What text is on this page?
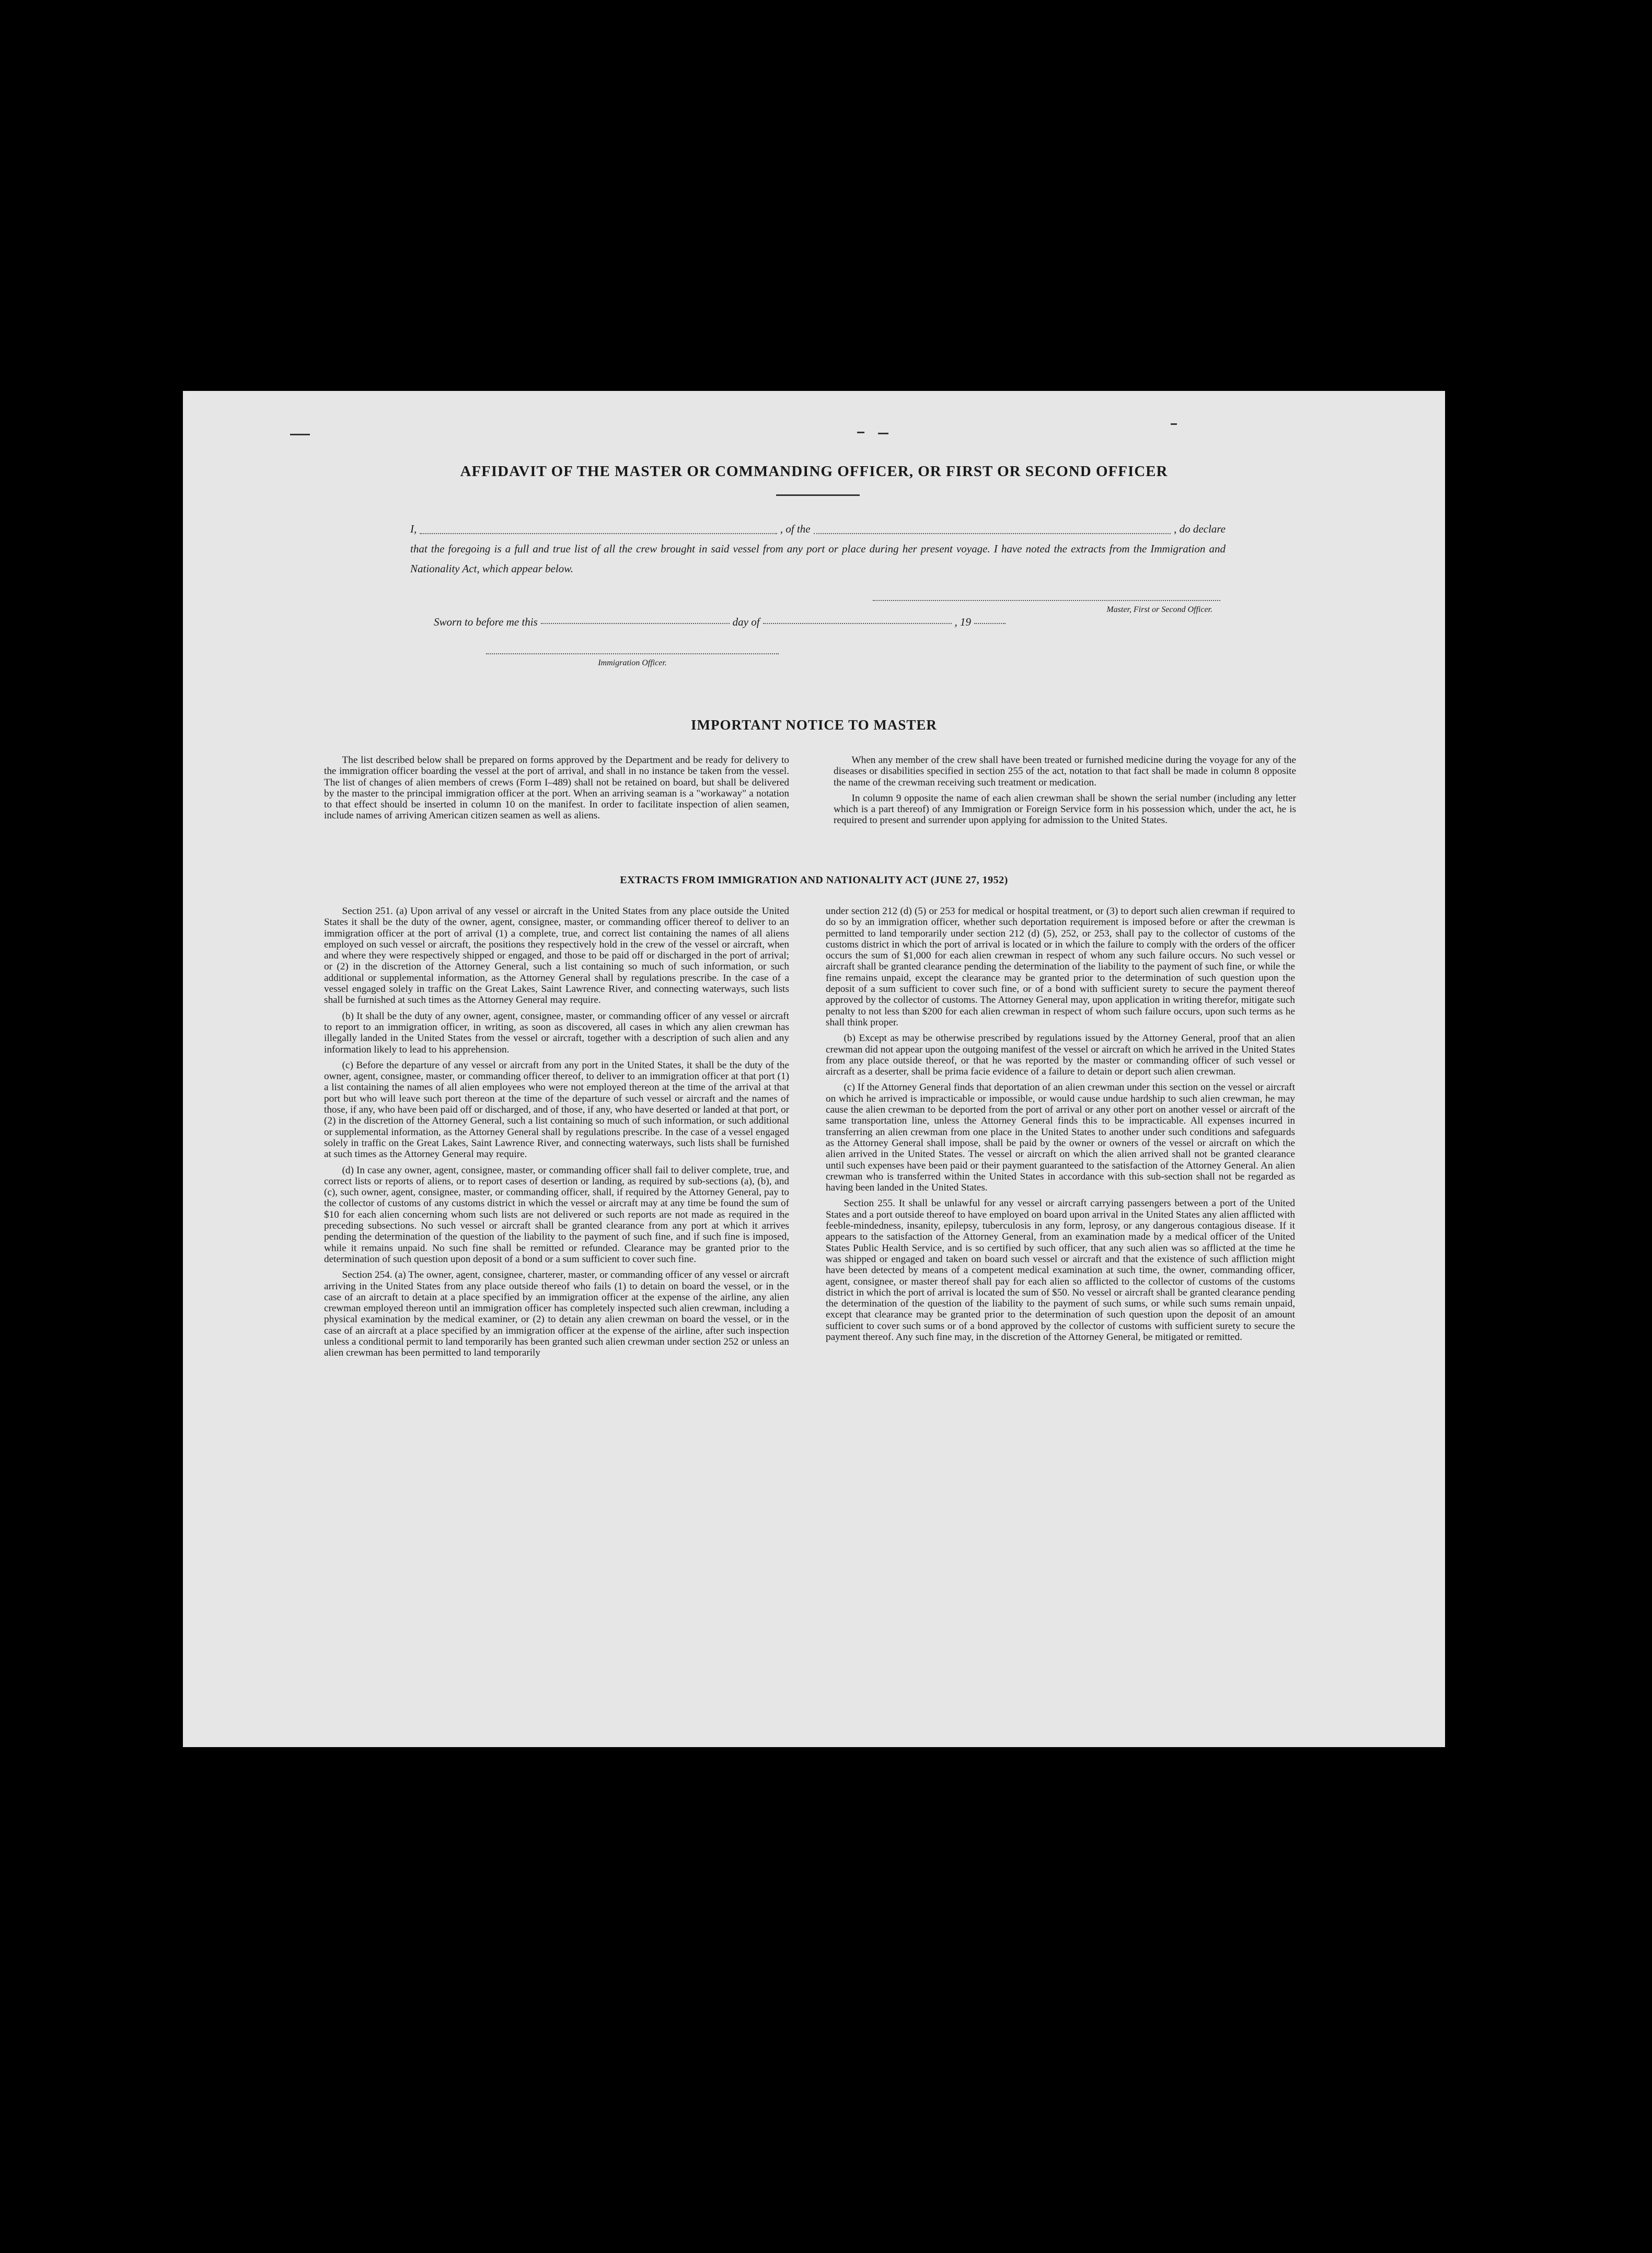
AFFIDAVIT OF THE MASTER OR COMMANDING OFFICER, OR FIRST OR SECOND OFFICER
I,	, of the	, do declare
that the foregoing is a full and true list of all the crew brought in said vessel from any port or place during her present voyage. I have noted the extracts from the Immigration and Nationality Act, which appear below.
Master, First or Second Officer.
Sworn to before me this	day of	, 19
Immigration Officer.
IMPORTANT NOTICE TO MASTER

The list described below shall be prepared on forms approved by the Department and be ready for delivery to the immigration officer boarding the vessel at the port of arrival, and shall in no instance be taken from the vessel. The list of changes of alien members of crews (Form I–489) shall not be retained on board, but shall be delivered by the master to the principal immigration officer at the port. When an arriving seaman is a "workaway" a notation to that effect should be inserted in column 10 on the manifest. In order to facilitate inspection of alien seamen, include names of arriving American citizen seamen as well as aliens.

When any member of the crew shall have been treated or furnished medicine during the voyage for any of the diseases or disabilities specified in section 255 of the act, notation to that fact shall be made in column 8 opposite the name of the crewman receiving such treatment or medication.

In column 9 opposite the name of each alien crewman shall be shown the serial number (including any letter which is a part thereof) of any Immigration or Foreign Service form in his possession which, under the act, he is required to present and surrender upon applying for admission to the United States.

EXTRACTS FROM IMMIGRATION AND NATIONALITY ACT (JUNE 27, 1952)

Section 251. (a) Upon arrival of any vessel or aircraft in the United States from any place outside the United States it shall be the duty of the owner, agent, consignee, master, or commanding officer thereof to deliver to an immigration officer at the port of arrival (1) a complete, true, and correct list containing the names of all aliens employed on such vessel or aircraft, the positions they respectively hold in the crew of the vessel or aircraft, when and where they were respectively shipped or engaged, and those to be paid off or discharged in the port of arrival; or (2) in the discretion of the Attorney General, such a list containing so much of such information, or such additional or supplemental information, as the Attorney General shall by regulations prescribe. In the case of a vessel engaged solely in traffic on the Great Lakes, Saint Lawrence River, and connecting waterways, such lists shall be furnished at such times as the Attorney General may require.

(b) It shall be the duty of any owner, agent, consignee, master, or commanding officer of any vessel or aircraft to report to an immigration officer, in writing, as soon as discovered, all cases in which any alien crewman has illegally landed in the United States from the vessel or aircraft, together with a description of such alien and any information likely to lead to his apprehension.

(c) Before the departure of any vessel or aircraft from any port in the United States, it shall be the duty of the owner, agent, consignee, master, or commanding officer thereof, to deliver to an immigration officer at that port (1) a list containing the names of all alien employees who were not employed thereon at the time of the arrival at that port but who will leave such port thereon at the time of the departure of such vessel or aircraft and the names of those, if any, who have been paid off or discharged, and of those, if any, who have deserted or landed at that port, or (2) in the discretion of the Attorney General, such a list containing so much of such information, or such additional or supplemental information, as the Attorney General shall by regulations prescribe. In the case of a vessel engaged solely in traffic on the Great Lakes, Saint Lawrence River, and connecting waterways, such lists shall be furnished at such times as the Attorney General may require.

(d) In case any owner, agent, consignee, master, or commanding officer shall fail to deliver complete, true, and correct lists or reports of aliens, or to report cases of desertion or landing, as required by sub-sections (a), (b), and (c), such owner, agent, consignee, master, or commanding officer, shall, if required by the Attorney General, pay to the collector of customs of any customs district in which the vessel or aircraft may at any time be found the sum of $10 for each alien concerning whom such lists are not delivered or such reports are not made as required in the preceding subsections. No such vessel or aircraft shall be granted clearance from any port at which it arrives pending the determination of the question of the liability to the payment of such fine, and if such fine is imposed, while it remains unpaid. No such fine shall be remitted or refunded. Clearance may be granted prior to the determination of such question upon deposit of a bond or a sum sufficient to cover such fine.

Section 254. (a) The owner, agent, consignee, charterer, master, or commanding officer of any vessel or aircraft arriving in the United States from any place outside thereof who fails (1) to detain on board the vessel, or in the case of an aircraft to detain at a place specified by an immigration officer at the expense of the airline, any alien crewman employed thereon until an immigration officer has completely inspected such alien crewman, including a physical examination by the medical examiner, or (2) to detain any alien crewman on board the vessel, or in the case of an aircraft at a place specified by an immigration officer at the expense of the airline, after such inspection unless a conditional permit to land temporarily has been granted such alien crewman under section 252 or unless an alien crewman has been permitted to land temporarily

under section 212 (d) (5) or 253 for medical or hospital treatment, or (3) to deport such alien crewman if required to do so by an immigration officer, whether such deportation requirement is imposed before or after the crewman is permitted to land temporarily under section 212 (d) (5), 252, or 253, shall pay to the collector of customs of the customs district in which the port of arrival is located or in which the failure to comply with the orders of the officer occurs the sum of $1,000 for each alien crewman in respect of whom any such failure occurs. No such vessel or aircraft shall be granted clearance pending the determination of the liability to the payment of such fine, or while the fine remains unpaid, except the clearance may be granted prior to the determination of such question upon the deposit of a sum sufficient to cover such fine, or of a bond with sufficient surety to secure the payment thereof approved by the collector of customs. The Attorney General may, upon application in writing therefor, mitigate such penalty to not less than $200 for each alien crewman in respect of whom such failure occurs, upon such terms as he shall think proper.

(b) Except as may be otherwise prescribed by regulations issued by the Attorney General, proof that an alien crewman did not appear upon the outgoing manifest of the vessel or aircraft on which he arrived in the United States from any place outside thereof, or that he was reported by the master or commanding officer of such vessel or aircraft as a deserter, shall be prima facie evidence of a failure to detain or deport such alien crewman.

(c) If the Attorney General finds that deportation of an alien crewman under this section on the vessel or aircraft on which he arrived is impracticable or impossible, or would cause undue hardship to such alien crewman, he may cause the alien crewman to be deported from the port of arrival or any other port on another vessel or aircraft of the same transportation line, unless the Attorney General finds this to be impracticable. All expenses incurred in transferring an alien crewman from one place in the United States to another under such conditions and safeguards as the Attorney General shall impose, shall be paid by the owner or owners of the vessel or aircraft on which the alien arrived in the United States. The vessel or aircraft on which the alien arrived shall not be granted clearance until such expenses have been paid or their payment guaranteed to the satisfaction of the Attorney General. An alien crewman who is transferred within the United States in accordance with this sub-section shall not be regarded as having been landed in the United States.

Section 255. It shall be unlawful for any vessel or aircraft carrying passengers between a port of the United States and a port outside thereof to have employed on board upon arrival in the United States any alien afflicted with feeble-mindedness, insanity, epilepsy, tuberculosis in any form, leprosy, or any dangerous contagious disease. If it appears to the satisfaction of the Attorney General, from an examination made by a medical officer of the United States Public Health Service, and is so certified by such officer, that any such alien was so afflicted at the time he was shipped or engaged and taken on board such vessel or aircraft and that the existence of such affliction might have been detected by means of a competent medical examination at such time, the owner, commanding officer, agent, consignee, or master thereof shall pay for each alien so afflicted to the collector of customs of the customs district in which the port of arrival is located the sum of $50. No vessel or aircraft shall be granted clearance pending the determination of the question of the liability to the payment of such sums, or while such sums remain unpaid, except that clearance may be granted prior to the determination of such question upon the deposit of an amount sufficient to cover such sums or of a bond approved by the collector of customs with sufficient surety to secure the payment thereof. Any such fine may, in the discretion of the Attorney General, be mitigated or remitted.
